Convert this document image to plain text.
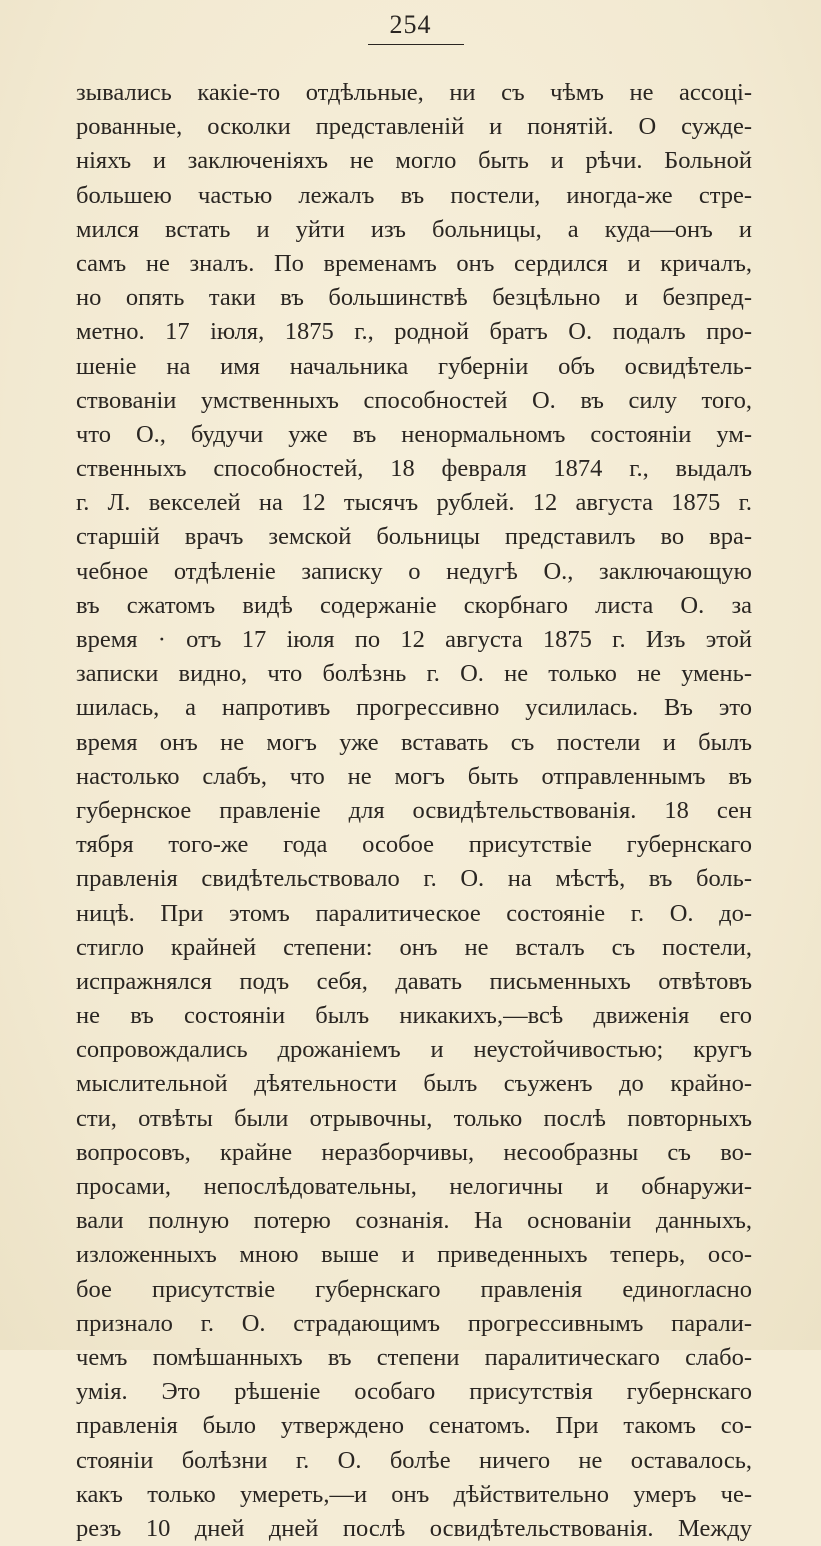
254
зывались какіе-то отдѣльные, ни съ чѣмъ не ассоці-
рованные, осколки представленій и понятій. О сужде-
ніяхъ и заключеніяхъ не могло быть и рѣчи. Больной
большею частью лежалъ въ постели, иногда-же стре-
мился встать и уйти изъ больницы, а куда—онъ и
самъ не зналъ. По временамъ онъ сердился и кричалъ,
но опять таки въ большинствѣ безцѣльно и безпред-
метно. 17 іюля, 1875 г., родной братъ О. подалъ про-
шеніе на имя начальника губерніи объ освидѣтель-
ствованіи умственныхъ способностей О. въ силу того,
что О., будучи уже въ ненормальномъ состояніи ум-
ственныхъ способностей, 18 февраля 1874 г., выдалъ
г. Л. векселей на 12 тысячъ рублей. 12 августа 1875 г.
старшій врачъ земской больницы представилъ во вра-
чебное отдѣленіе записку о недугѣ О., заключающую
въ сжатомъ видѣ содержаніе скорбнаго листа О. за
время · отъ 17 іюля по 12 августа 1875 г. Изъ этой
записки видно, что болѣзнь г. О. не только не умень-
шилась, а напротивъ прогрессивно усилилась. Въ это
время онъ не могъ уже вставать съ постели и былъ
настолько слабъ, что не могъ быть отправленнымъ въ
губернское правленіе для освидѣтельствованія. 18 сен
тября того-же года особое присутствіе губернскаго
правленія свидѣтельствовало г. О. на мѣстѣ, въ боль-
ницѣ. При этомъ паралитическое состояніе г. О. до-
стигло крайней степени: онъ не всталъ съ постели,
испражнялся подъ себя, давать письменныхъ отвѣтовъ
не въ состояніи былъ никакихъ,—всѣ движенія его
сопровождались дрожаніемъ и неустойчивостью; кругъ
мыслительной дѣятельности былъ съуженъ до крайно-
сти, отвѣты были отрывочны, только послѣ повторныхъ
вопросовъ, крайне неразборчивы, несообразны съ во-
просами, непослѣдовательны, нелогичны и обнаружи-
вали полную потерю сознанія. На основаніи данныхъ,
изложенныхъ мною выше и приведенныхъ теперь, осо-
бое присутствіе губернскаго правленія единогласно
признало г. О. страдающимъ прогрессивнымъ парали-
чемъ помѣшанныхъ въ степени паралитическаго слабо-
умія. Это рѣшеніе особаго присутствія губернскаго
правленія было утверждено сенатомъ. При такомъ со-
стояніи болѣзни г. О. болѣе ничего не оставалось,
какъ только умереть,—и онъ дѣйствительно умеръ че-
резъ 10 дней дней послѣ освидѣтельствованія. Между
